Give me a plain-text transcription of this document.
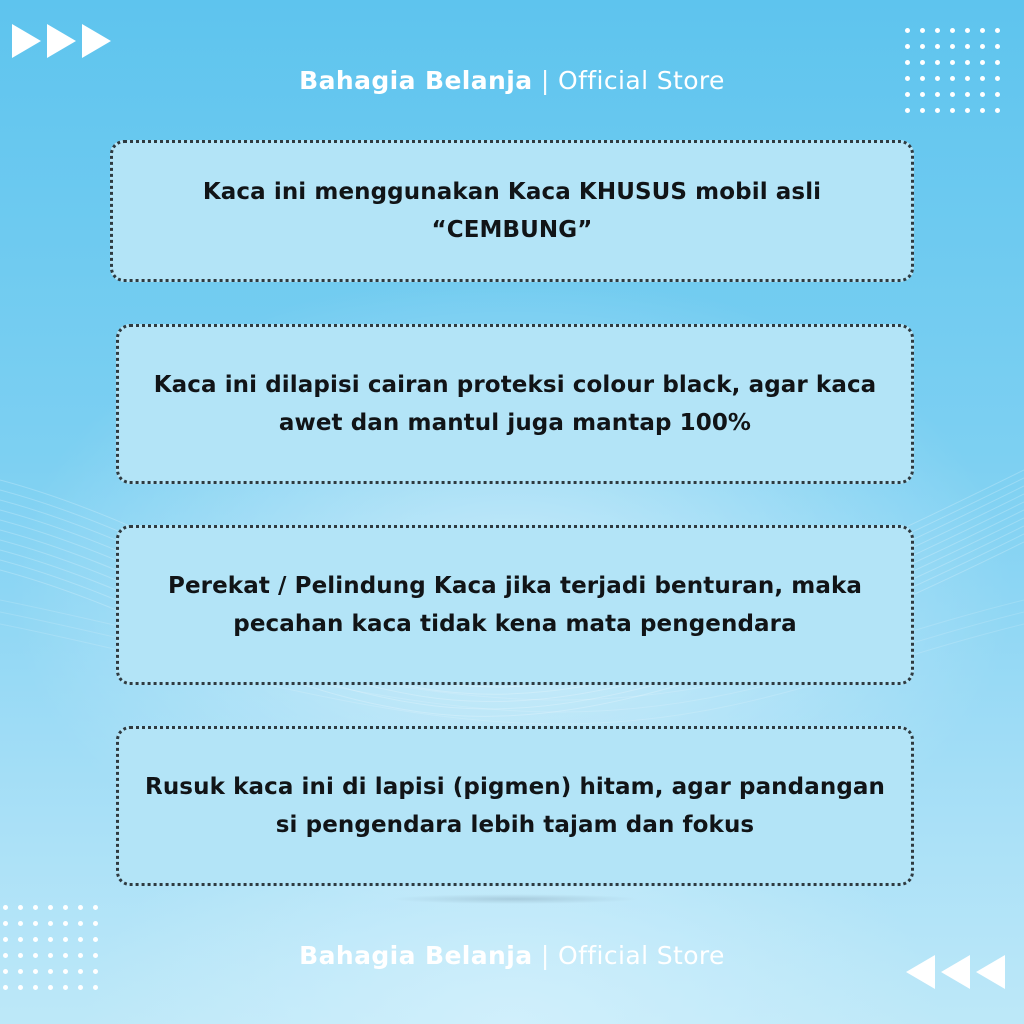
Bahagia Belanja | Official Store

Kaca ini menggunakan Kaca KHUSUS mobil asli
“CEMBUNG”

Kaca ini dilapisi cairan proteksi colour black, agar kaca
awet dan mantul juga mantap 100%

Perekat / Pelindung Kaca jika terjadi benturan, maka
pecahan kaca tidak kena mata pengendara

Rusuk kaca ini di lapisi (pigmen) hitam, agar pandangan
si pengendara lebih tajam dan fokus

Bahagia Belanja | Official Store
